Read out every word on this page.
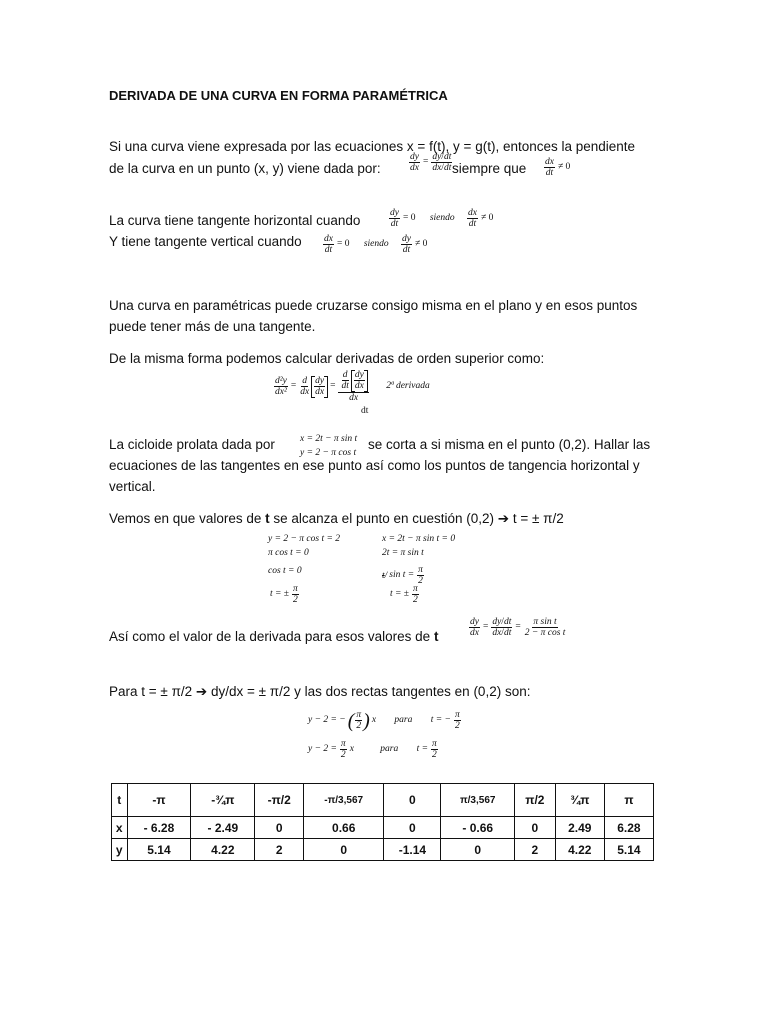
DERIVADA DE UNA CURVA EN FORMA PARAMÉTRICA
Si una curva viene expresada por las ecuaciones x = f(t), y = g(t), entonces la pendiente
de la curva en un punto (x, y) viene dada por:	$\frac{dy}{dx} = \frac{dy/dt}{dx/dt}$ siempre que $\frac{dx}{dt} \ne 0$
La curva tiene tangente horizontal cuando	$\frac{dy}{dt} = 0$ siendo $\frac{dx}{dt} \ne 0$
Y tiene tangente vertical cuando $\frac{dx}{dt} = 0$ siendo $\frac{dy}{dt} \ne 0$
Una curva en paramétricas puede cruzarse consigo misma en el plano y en esos puntos
puede tener más de una tangente.
De la misma forma podemos calcular derivadas de orden superior como:
$\frac{\text{d²y}}{\text{dx²}} = \frac{d}{dx}$ dy
dx
= $\frac{d}{dt}$ dy
dx
dx
2ª derivada
dt
La cicloide prolata dada por	x = 2t − π sin t
y = 2 − π cos t
se corta a si misma en el punto (0,2). Hallar las
ecuaciones de las tangentes en ese punto así como los puntos de tangencia horizontal y
vertical.
Vemos en que valores de t se alcanza el punto en cuestión (0,2) ➔ t = ± π/2
y = 2 − π cos t = 2
π cos t = 0
cos t = 0
t = ± $\frac{\pi}{2}$
x = 2t − π sin t = 0
2t = π sin t
t/ $\sin t = \frac{\pi}{2}$
t = ± $\frac{\pi}{2}$
Así como el valor de la derivada para esos valores de t	$\frac{dy}{dx} = \frac{dy/dt}{dx/dt} = \frac{\text{π sin t}}{\text{2 − π cos t}}$
Para t = ± π/2 ➔ dy/dx = ± π/2 y las dos rectas tangentes en (0,2) son:
y − 2 = − ( $\frac{\pi}{2}$ ) x para t = − $\frac{\pi}{2}$
$y - 2 = \frac{\pi}{2}$ x	para $t = \frac{\pi}{2}$
t	-π	-¾π	-π/2	-π/3,567	0	π/3,567	π/2	¾π	π
x	- 6.28	- 2.49	0	0.66	0	- 0.66	0	2.49	6.28
y	5.14	4.22	2	0	-1.14	0	2	4.22	5.14
